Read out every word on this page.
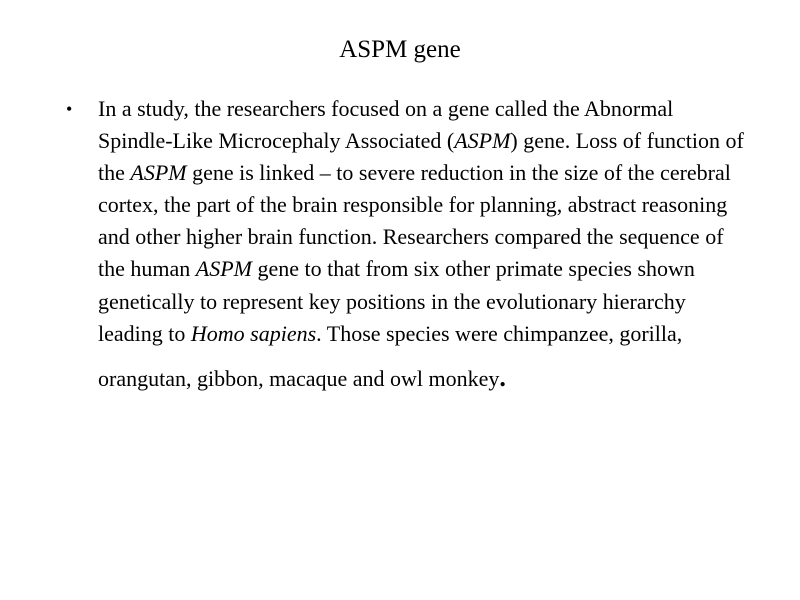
ASPM gene
• In a study, the researchers focused on a gene called the Abnormal Spindle-Like Microcephaly Associated (ASPM) gene. Loss of function of the ASPM gene is linked – to severe reduction in the size of the cerebral cortex, the part of the brain responsible for planning, abstract reasoning and other higher brain function. Researchers compared the sequence of the human ASPM gene to that from six other primate species shown genetically to represent key positions in the evolutionary hierarchy leading to Homo sapiens. Those species were chimpanzee, gorilla,
orangutan, gibbon, macaque and owl monkey.
